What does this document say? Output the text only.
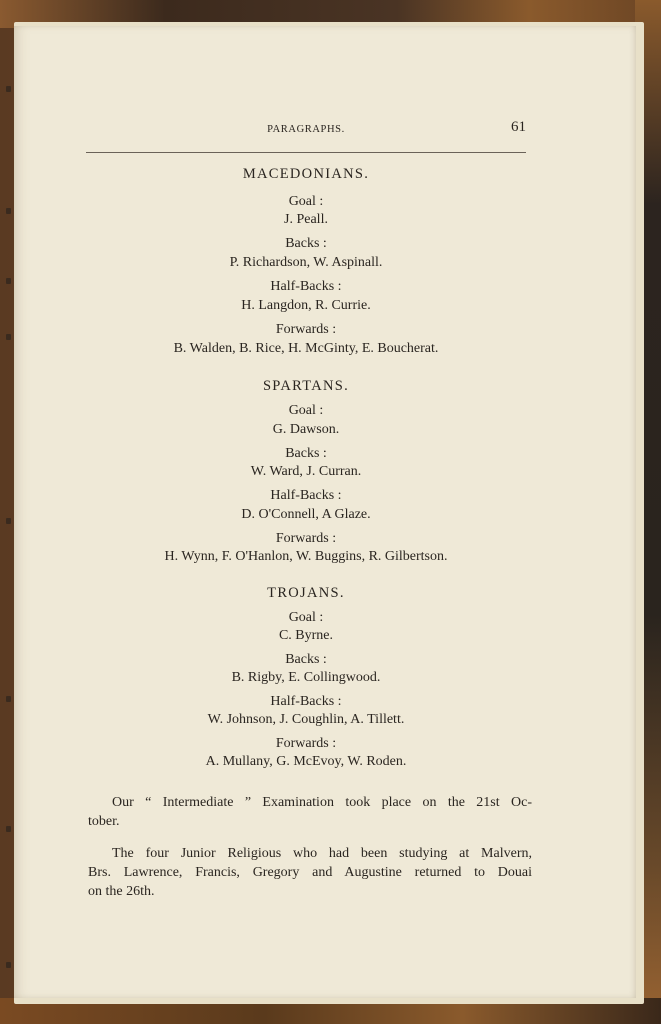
PARAGRAPHS.	61
MACEDONIANS.
Goal :
J. Peall.
Backs :
P. Richardson, W. Aspinall.
Half-Backs :
H. Langdon, R. Currie.
Forwards :
B. Walden, B. Rice, H. McGinty, E. Boucherat.
SPARTANS.
Goal :
G. Dawson.
Backs :
W. Ward, J. Curran.
Half-Backs :
D. O'Connell, A Glaze.
Forwards :
H. Wynn, F. O'Hanlon, W. Buggins, R. Gilbertson.
TROJANS.
Goal :
C. Byrne.
Backs :
B. Rigby, E. Collingwood.
Half-Backs :
W. Johnson, J. Coughlin, A. Tillett.
Forwards :
A. Mullany, G. McEvoy, W. Roden.
Our “ Intermediate ” Examination took place on the 21st Oc-
tober.
The four Junior Religious who had been studying at Malvern,
Brs. Lawrence, Francis, Gregory and Augustine returned to Douai
on the 26th.
